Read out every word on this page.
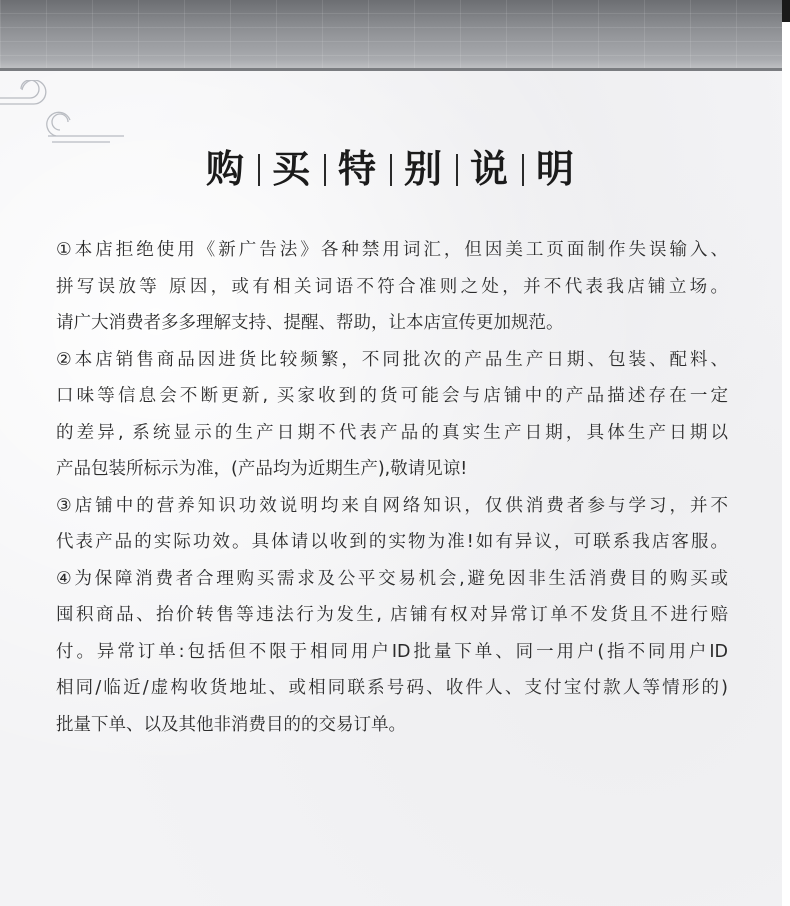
购 买 特 别 说 明
①本店拒绝使用《新广告法》各种禁用词汇，但因美工页面制作失误输入、
拼写误放等 原因，或有相关词语不符合准则之处，并不代表我店铺立场。
请广大消费者多多理解支持、提醒、帮助，让本店宣传更加规范。
②本店销售商品因进货比较频繁，不同批次的产品生产日期、包装、配料、
口味等信息会不断更新, 买家收到的货可能会与店铺中的产品描述存在一定
的差异, 系统显示的生产日期不代表产品的真实生产日期，具体生产日期以
产品包装所标示为准，(产品均为近期生产),敬请见谅!
③店铺中的营养知识功效说明均来自网络知识，仅供消费者参与学习，并不
代表产品的实际功效。具体请以收到的实物为准!如有异议，可联系我店客服。
④为保障消费者合理购买需求及公平交易机会,避免因非生活消费目的购买或
囤积商品、抬价转售等违法行为发生, 店铺有权对异常订单不发货且不进行赔
付。异常订单:包括但不限于相同用户ID批量下单、同一用户(指不同用户ID
相同/临近/虚构收货地址、或相同联系号码、收件人、支付宝付款人等情形的)
批量下单、以及其他非消费目的的交易订单。
